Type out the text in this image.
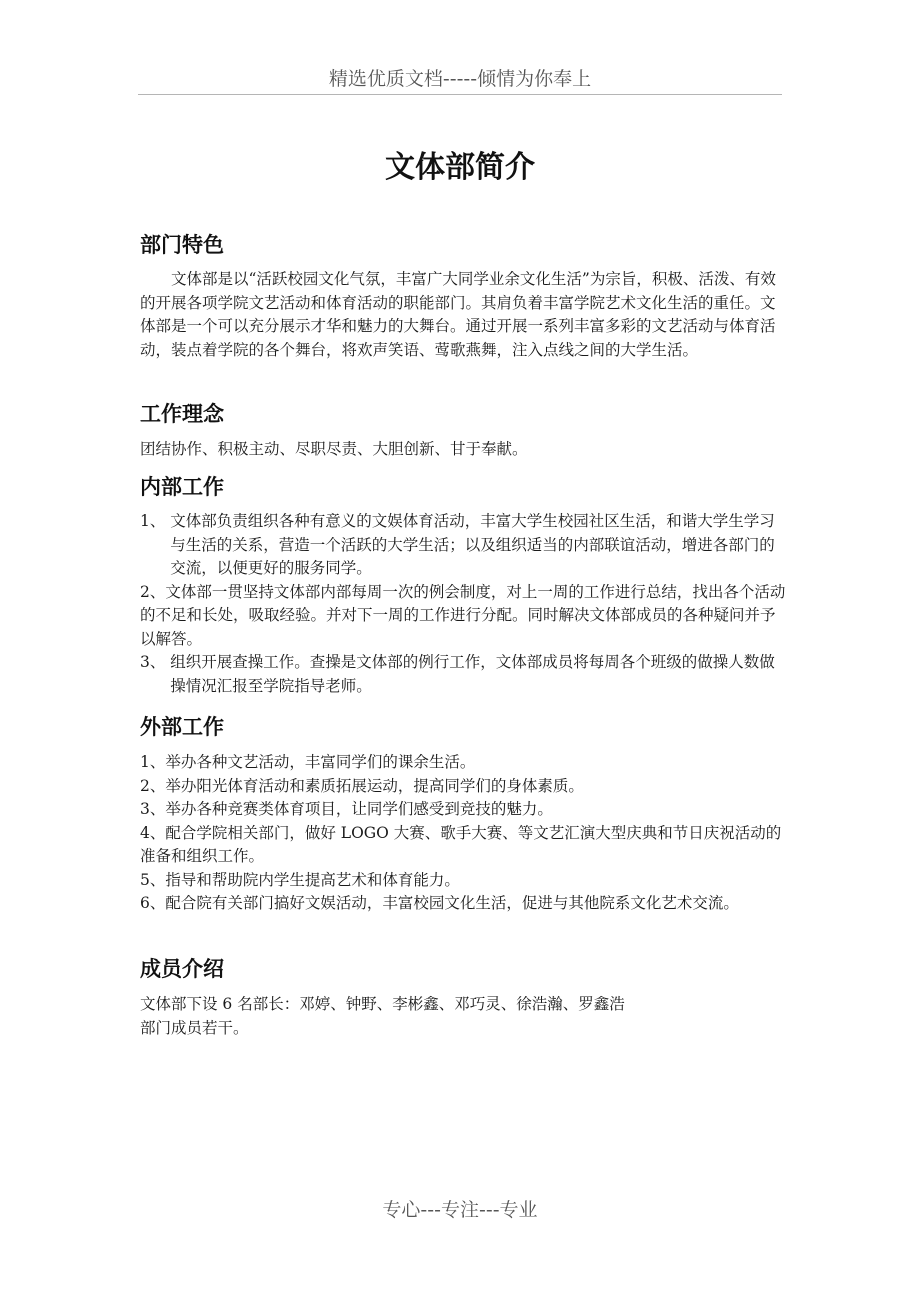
精选优质文档-----倾情为你奉上
文体部简介
部门特色

文体部是以“活跃校园文化气氛，丰富广大同学业余文化生活”为宗旨，积极、活泼、有效的开展各项学院文艺活动和体育活动的职能部门。其肩负着丰富学院艺术文化生活的重任。文体部是一个可以充分展示才华和魅力的大舞台。通过开展一系列丰富多彩的文艺活动与体育活动，装点着学院的各个舞台，将欢声笑语、莺歌燕舞，注入点线之间的大学生活。

工作理念

团结协作、积极主动、尽职尽责、大胆创新、甘于奉献。

内部工作
1、 文体部负责组织各种有意义的文娱体育活动，丰富大学生校园社区生活，和谐大学生学习与生活的关系，营造一个活跃的大学生活；以及组织适当的内部联谊活动，增进各部门的交流，以便更好的服务同学。

2、文体部一贯坚持文体部内部每周一次的例会制度，对上一周的工作进行总结，找出各个活动的不足和长处，吸取经验。并对下一周的工作进行分配。同时解决文体部成员的各种疑问并予以解答。

3、 组织开展查操工作。查操是文体部的例行工作，文体部成员将每周各个班级的做操人数做操情况汇报至学院指导老师。
外部工作

1、举办各种文艺活动，丰富同学们的课余生活。

2、举办阳光体育活动和素质拓展运动，提高同学们的身体素质。

3、举办各种竞赛类体育项目，让同学们感受到竞技的魅力。

4、配合学院相关部门，做好 LOGO 大赛、歌手大赛、等文艺汇演大型庆典和节日庆祝活动的准备和组织工作。

5、指导和帮助院内学生提高艺术和体育能力。

6、配合院有关部门搞好文娱活动，丰富校园文化生活，促进与其他院系文化艺术交流。

成员介绍

文体部下设 6 名部长：邓婷、钟野、李彬鑫、邓巧灵、徐浩瀚、罗鑫浩

部门成员若干。

专心---专注---专业
